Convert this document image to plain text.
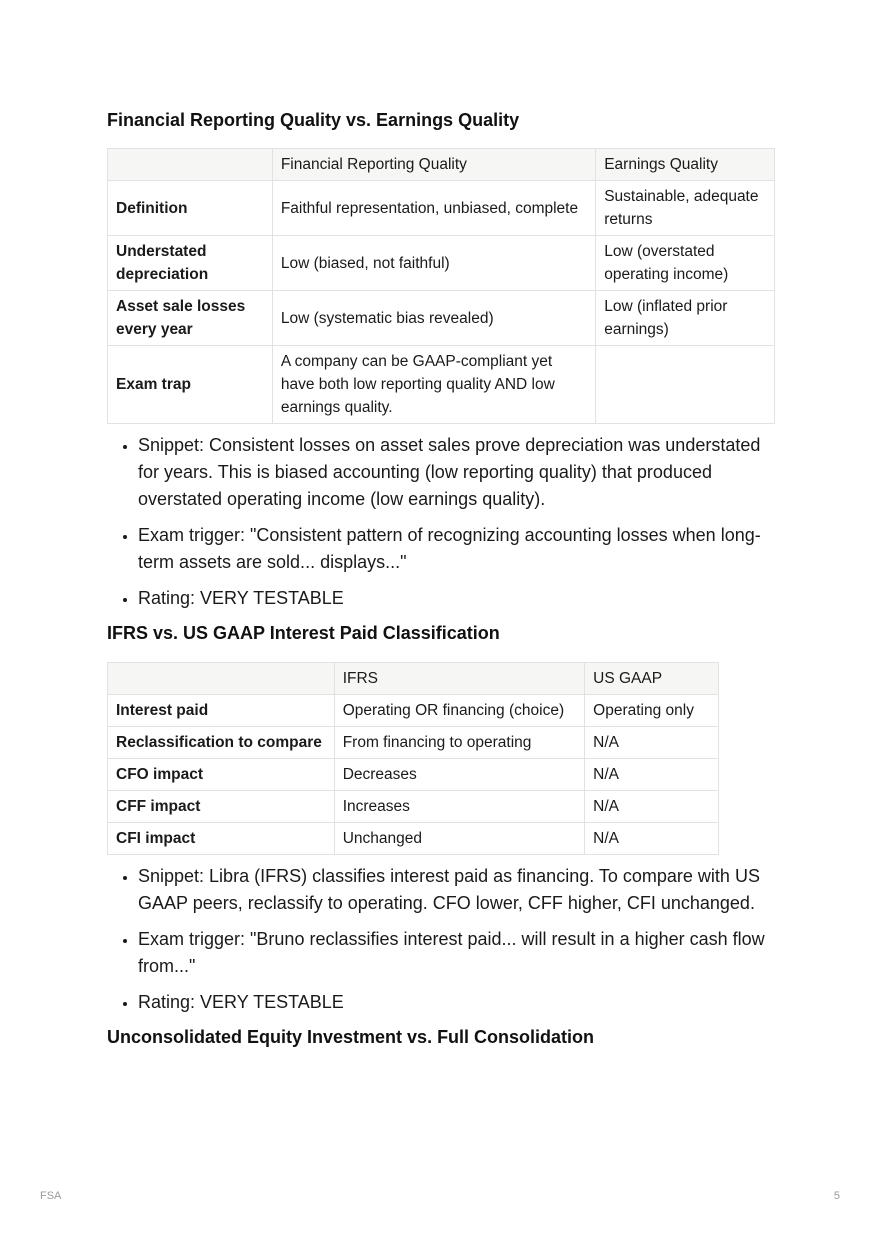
Financial Reporting Quality vs. Earnings Quality
	Financial Reporting Quality	Earnings Quality
Definition	Faithful representation, unbiased, complete	Sustainable, adequate returns
Understated depreciation	Low (biased, not faithful)	Low (overstated operating income)
Asset sale losses every year	Low (systematic bias revealed)	Low (inflated prior earnings)
Exam trap	A company can be GAAP-compliant yet have both low reporting quality AND low earnings quality.	
• Snippet: Consistent losses on asset sales prove depreciation was understated for years. This is biased accounting (low reporting quality) that produced overstated operating income (low earnings quality).
• Exam trigger: "Consistent pattern of recognizing accounting losses when long-term assets are sold... displays..."
• Rating: VERY TESTABLE
IFRS vs. US GAAP Interest Paid Classification
	IFRS	US GAAP
Interest paid	Operating OR financing (choice)	Operating only
Reclassification to compare	From financing to operating	N/A
CFO impact	Decreases	N/A
CFF impact	Increases	N/A
CFI impact	Unchanged	N/A
• Snippet: Libra (IFRS) classifies interest paid as financing. To compare with US GAAP peers, reclassify to operating. CFO lower, CFF higher, CFI unchanged.
• Exam trigger: "Bruno reclassifies interest paid... will result in a higher cash flow from..."
• Rating: VERY TESTABLE
Unconsolidated Equity Investment vs. Full Consolidation
FSA	5
